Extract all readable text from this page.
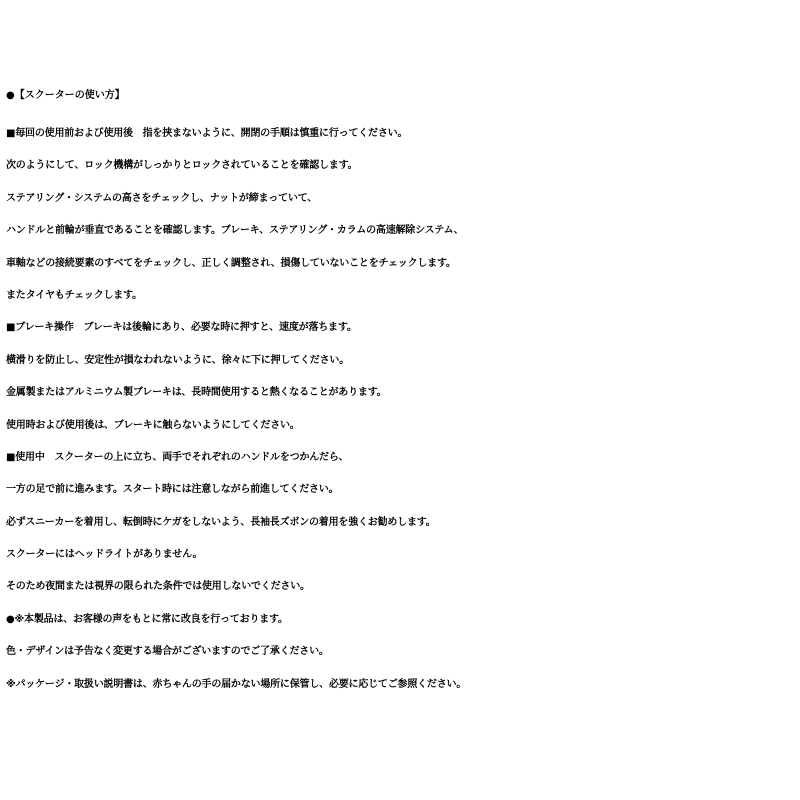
●【スクーターの使い方】
■毎回の使用前および使用後　指を挟まないように、開閉の手順は慎重に行ってください。
次のようにして、ロック機構がしっかりとロックされていることを確認します。
ステアリング・システムの高さをチェックし、ナットが締まっていて、
ハンドルと前輪が垂直であることを確認します。ブレーキ、ステアリング・カラムの高速解除システム、
車軸などの接続要素のすべてをチェックし、正しく調整され、損傷していないことをチェックします。
またタイヤもチェックします。
■ブレーキ操作　ブレーキは後輪にあり、必要な時に押すと、速度が落ちます。
横滑りを防止し、安定性が損なわれないように、徐々に下に押してください。
金属製またはアルミニウム製ブレーキは、長時間使用すると熱くなることがあります。
使用時および使用後は、ブレーキに触らないようにしてください。
■使用中　スクーターの上に立ち、両手でそれぞれのハンドルをつかんだら、
一方の足で前に進みます。スタート時には注意しながら前進してください。
必ずスニーカーを着用し、転倒時にケガをしないよう、長袖長ズボンの着用を強くお勧めします。
スクーターにはヘッドライトがありません。
そのため夜間または視界の限られた条件では使用しないでください。
●※本製品は、お客様の声をもとに常に改良を行っております。
色・デザインは予告なく変更する場合がございますのでご了承ください。
※パッケージ・取扱い説明書は、赤ちゃんの手の届かない場所に保管し、必要に応じてご参照ください。
